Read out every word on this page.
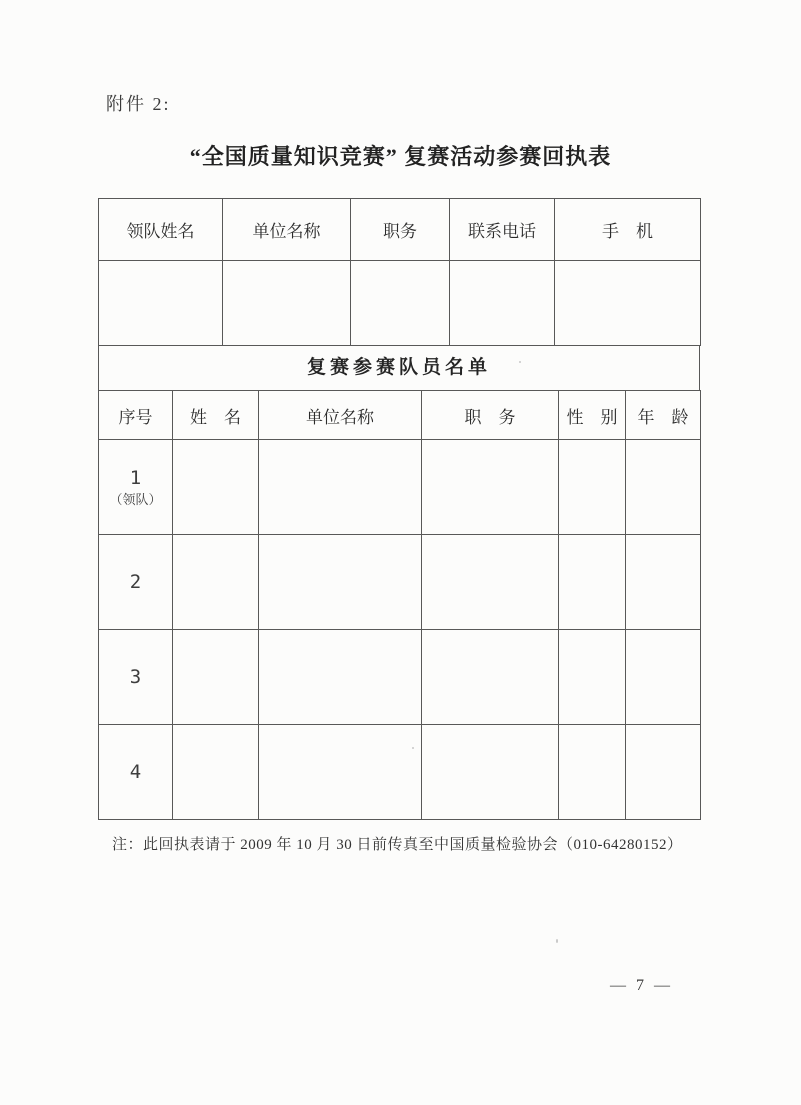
附件 2:
“全国质量知识竞赛” 复赛活动参赛回执表
领队姓名	单位名称	职务	联系电话	手　机

复赛参赛队员名单
序号	姓　名	单位名称	职　务	性　别	年　龄

1
（领队）					

2					

3					

4					

注：此回执表请于 2009 年 10 月 30 日前传真至中国质量检验协会（010-64280152）
— 7 —
